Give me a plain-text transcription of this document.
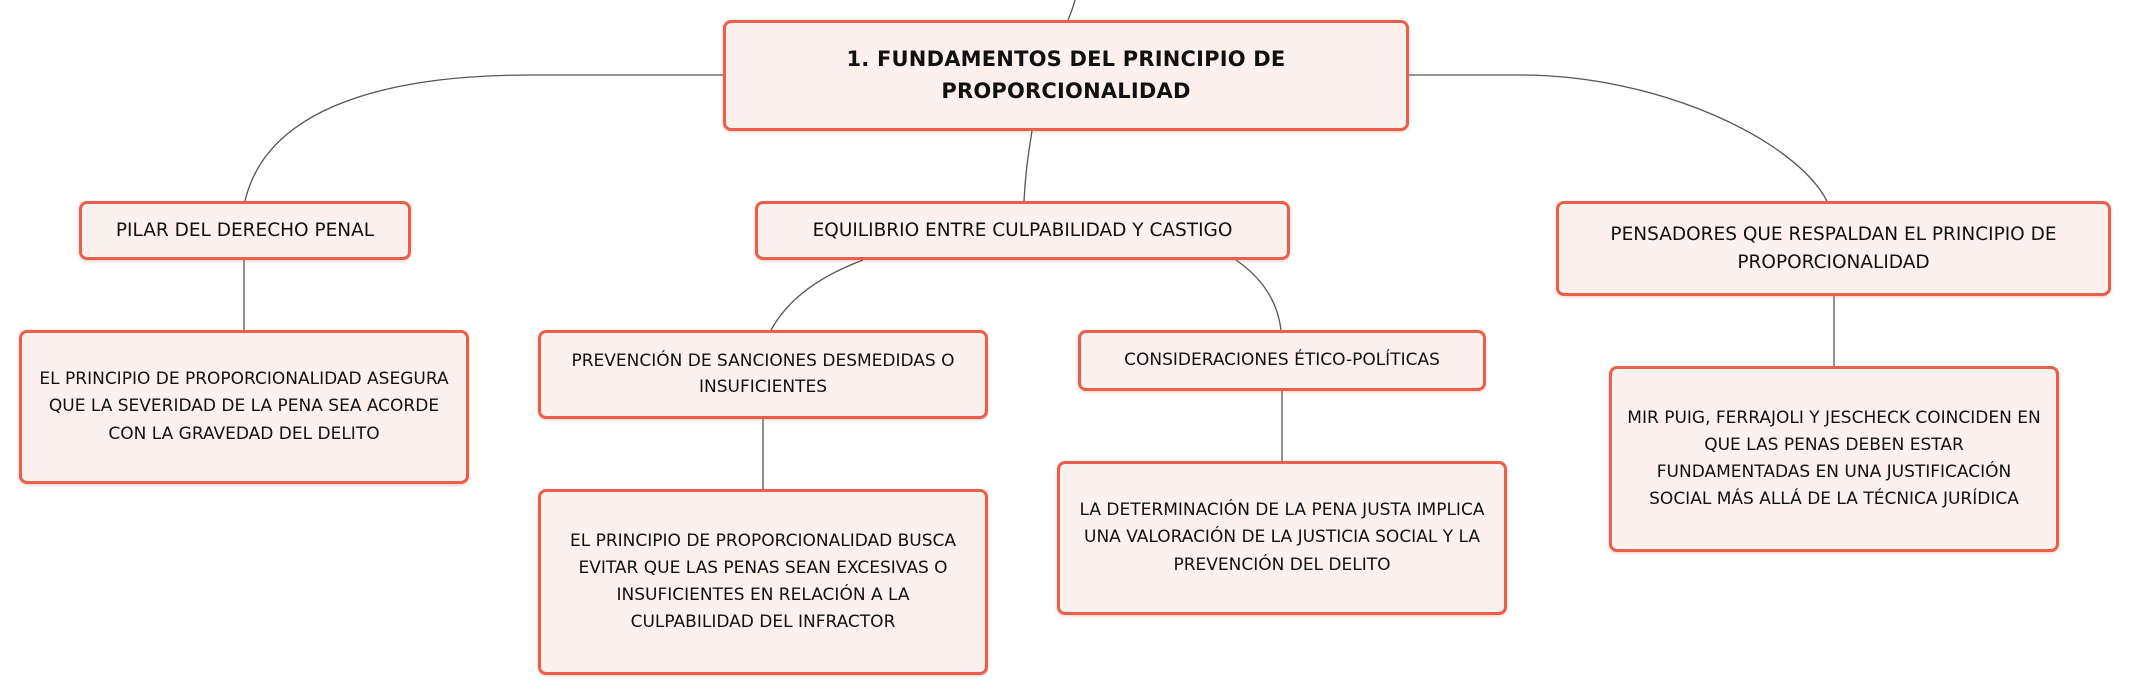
1. FUNDAMENTOS DEL PRINCIPIO DE PROPORCIONALIDAD
PILAR DEL DERECHO PENAL	EQUILIBRIO ENTRE CULPABILIDAD Y CASTIGO	PENSADORES QUE RESPALDAN EL PRINCIPIO DE PROPORCIONALIDAD
EL PRINCIPIO DE PROPORCIONALIDAD ASEGURA QUE LA SEVERIDAD DE LA PENA SEA ACORDE CON LA GRAVEDAD DEL DELITO
PREVENCIÓN DE SANCIONES DESMEDIDAS O INSUFICIENTES
CONSIDERACIONES ÉTICO-POLÍTICAS
EL PRINCIPIO DE PROPORCIONALIDAD BUSCA EVITAR QUE LAS PENAS SEAN EXCESIVAS O INSUFICIENTES EN RELACIÓN A LA CULPABILIDAD DEL INFRACTOR
LA DETERMINACIÓN DE LA PENA JUSTA IMPLICA UNA VALORACIÓN DE LA JUSTICIA SOCIAL Y LA PREVENCIÓN DEL DELITO
MIR PUIG, FERRAJOLI Y JESCHECK COINCIDEN EN QUE LAS PENAS DEBEN ESTAR FUNDAMENTADAS EN UNA JUSTIFICACIÓN SOCIAL MÁS ALLÁ DE LA TÉCNICA JURÍDICA
